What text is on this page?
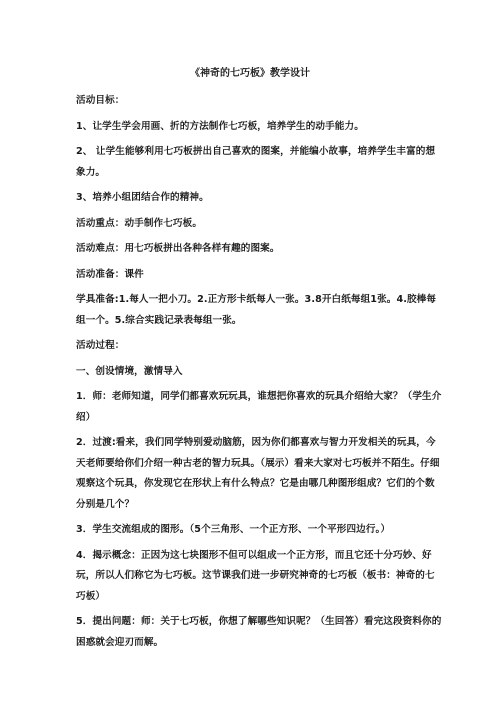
《神奇的七巧板》教学设计

活动目标：

1、让学生学会用画、折的方法制作七巧板，培养学生的动手能力。

2、 让学生能够利用七巧板拼出自己喜欢的图案，并能编小故事，培养学生丰富的想象力。

3、培养小组团结合作的精神。

活动重点：动手制作七巧板。

活动难点：用七巧板拼出各种各样有趣的图案。

活动准备：课件

学具准备:1.每人一把小刀。2.正方形卡纸每人一张。3.8开白纸每组1张。4.胶棒每组一个。5.综合实践记录表每组一张。

活动过程：

一、创设情境，激情导入

1．师：老师知道，同学们都喜欢玩玩具，谁想把你喜欢的玩具介绍给大家？（学生介绍）

2．过渡:看来，我们同学特别爱动脑筋，因为你们都喜欢与智力开发相关的玩具，今天老师要给你们介绍一种古老的智力玩具。（展示）看来大家对七巧板并不陌生。仔细观察这个玩具，你发现它在形状上有什么特点？它是由哪几种图形组成？它们的个数分别是几个？

3．学生交流组成的图形。（5个三角形、一个正方形、一个平形四边行。）

4．揭示概念：正因为这七块图形不但可以组成一个正方形，而且它还十分巧妙、好玩，所以人们称它为七巧板。这节课我们进一步研究神奇的七巧板（板书：神奇的七巧板）

5．提出问题：师：关于七巧板，你想了解哪些知识呢？（生回答）看完这段资料你的困惑就会迎刃而解。
